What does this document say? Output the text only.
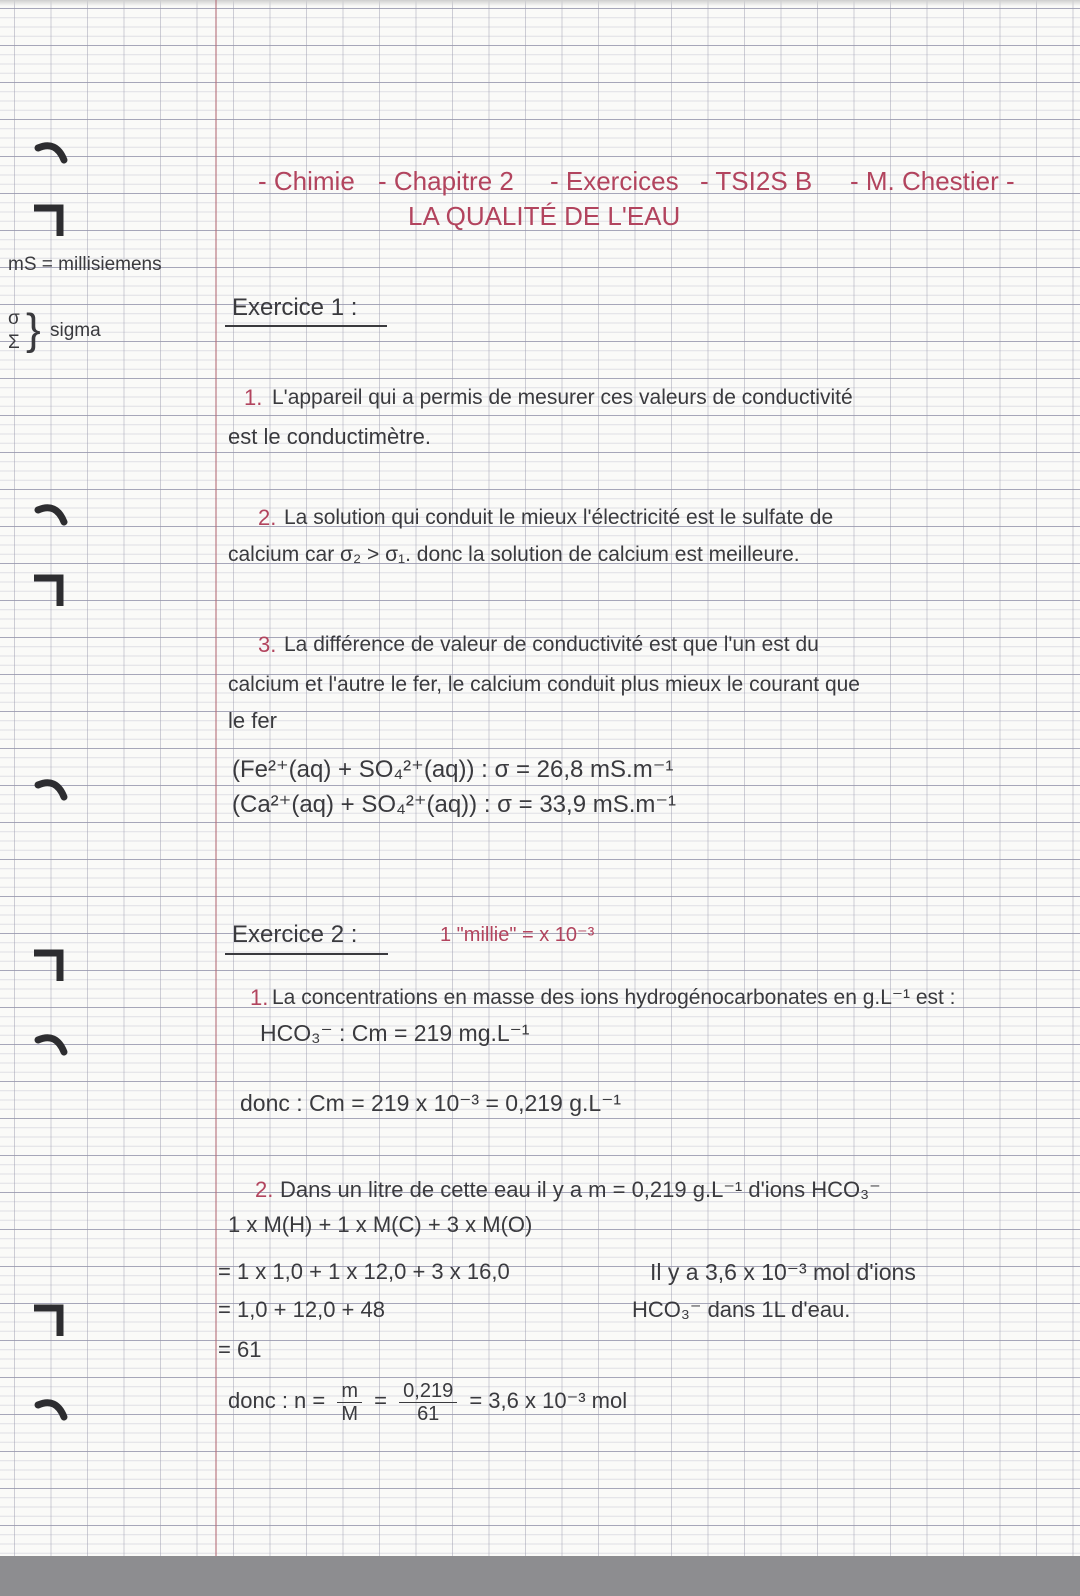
- Chimie - Chapitre 2 - Exercices - TSI2S B - M. Chestier -
LA QUALITÉ DE L'EAU
mS = millisiemens
σ
Σ } sigma
Exercice 1 :
1. L'appareil qui a permis de mesurer ces valeurs de conductivité
est le conductimètre.
2. La solution qui conduit le mieux l'électricité est le sulfate de
calcium car σ₂ > σ₁. donc la solution de calcium est meilleure.
3. La différence de valeur de conductivité est que l'un est du
calcium et l'autre le fer, le calcium conduit plus mieux le courant que
le fer
(Fe²⁺(aq) + SO₄²⁺(aq)) : σ = 26,8 mS.m⁻¹
(Ca²⁺(aq) + SO₄²⁺(aq)) : σ = 33,9 mS.m⁻¹
Exercice 2 :	1 "millie" = x 10⁻³
1. La concentrations en masse des ions hydrogénocarbonates en g.L⁻¹ est :
HCO₃⁻ : Cm = 219 mg.L⁻¹
donc : Cm = 219 x 10⁻³ = 0,219 g.L⁻¹
2. Dans un litre de cette eau il y a m = 0,219 g.L⁻¹ d'ions HCO₃⁻
1 x M(H) + 1 x M(C) + 3 x M(O)
= 1 x 1,0 + 1 x 12,0 + 3 x 16,0
= 1,0 + 12,0 + 48
= 61
donc : $n = \frac{m}{M} = \frac{0,219}{61} = 3,6$ x 10⁻³ mol
Il y a 3,6 x 10⁻³ mol d'ions
HCO₃⁻ dans 1L d'eau.
